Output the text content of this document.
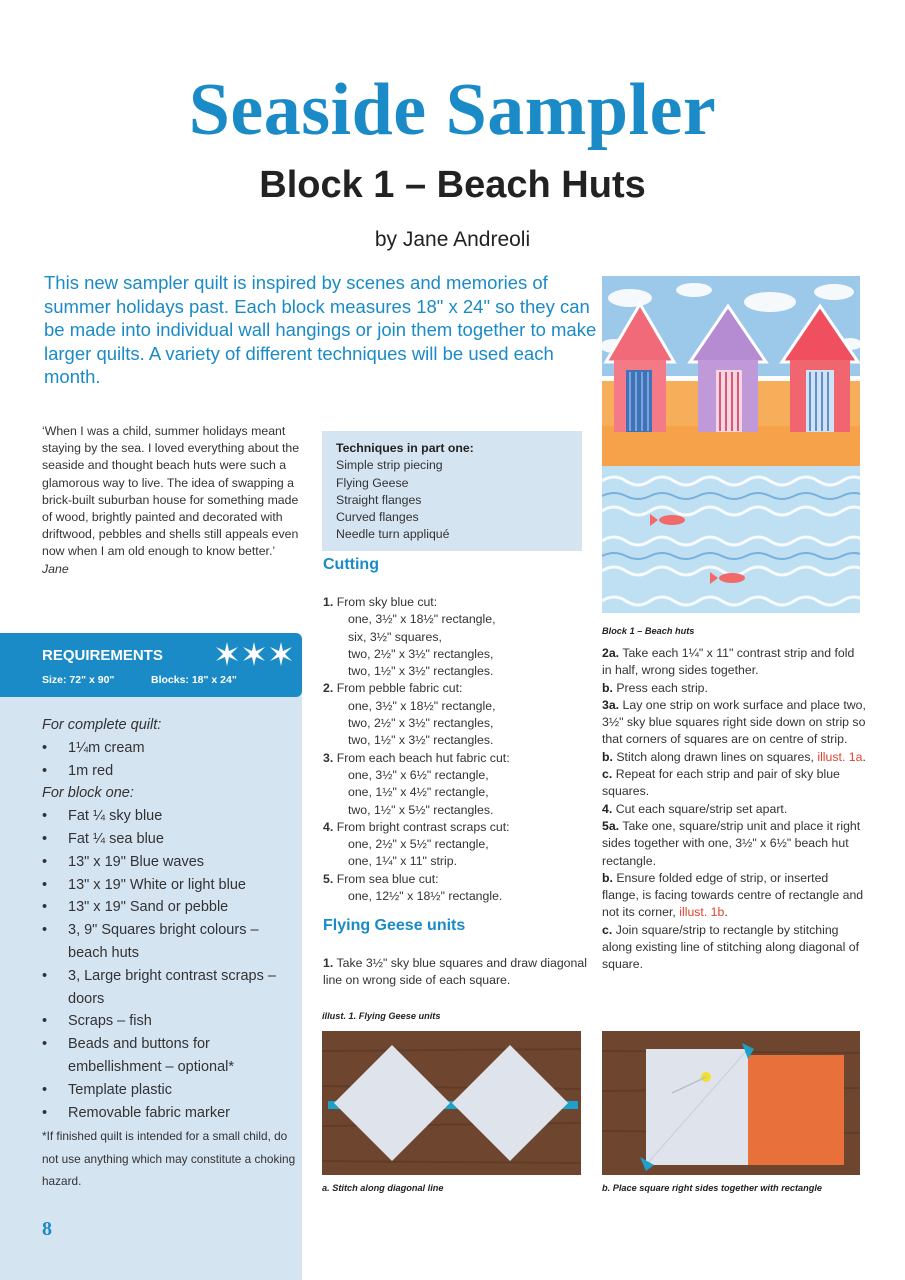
Seaside Sampler
Block 1 – Beach Huts
by Jane Andreoli

This new sampler quilt is inspired by scenes and memories of summer holidays past. Each block measures 18" x 24" so they can be made into individual wall hangings or join them together to make larger quilts. A variety of different techniques will be used each month.

‘When I was a child, summer holidays meant staying by the sea. I loved everything about the seaside and thought beach huts were such a glamorous way to live. The idea of swapping a brick-built suburban house for something made of wood, brightly painted and decorated with driftwood, pebbles and shells still appeals even now when I am old enough to know better.’
Jane
REQUIREMENTS
Size: 72" x 90"	Blocks: 18" x 24"
For complete quilt:
• 1¼m cream
• 1m red
For block one:
• Fat ¼ sky blue
• Fat ¼ sea blue
• 13" x 19" Blue waves
• 13" x 19" White or light blue
• 13" x 19" Sand or pebble
• 3, 9" Squares bright colours – beach huts
• 3, Large bright contrast scraps – doors
• Scraps – fish
• Beads and buttons for embellishment – optional*
• Template plastic
• Removable fabric marker
*If finished quilt is intended for a small child, do not use anything which may constitute a choking hazard.
8
Techniques in part one:
Simple strip piecing
Flying Geese
Straight flanges
Curved flanges
Needle turn appliqué
Cutting
1. From sky blue cut:
one, 3½" x 18½" rectangle,
six, 3½" squares,
two, 2½" x 3½" rectangles,
two, 1½" x 3½" rectangles.
2. From pebble fabric cut:
one, 3½" x 18½" rectangle,
two, 2½" x 3½" rectangles,
two, 1½" x 3½" rectangles.
3. From each beach hut fabric cut:
one, 3½" x 6½" rectangle,
one, 1½" x 4½" rectangle,
two, 1½" x 5½" rectangles.
4. From bright contrast scraps cut:
one, 2½" x 5½" rectangle,
one, 1¼" x 11" strip.
5. From sea blue cut:
one, 12½" x 18½" rectangle.
Flying Geese units
1. Take 3½" sky blue squares and draw diagonal line on wrong side of each square.
illust. 1. Flying Geese units
Block 1 – Beach huts
a. Stitch along diagonal line	b. Place square right sides together with rectangle
2a. Take each 1¼" x 11" contrast strip and fold in half, wrong sides together.
b. Press each strip.
3a. Lay one strip on work surface and place two, 3½" sky blue squares right side down on strip so that corners of squares are on centre of strip.
b. Stitch along drawn lines on squares, illust. 1a.
c. Repeat for each strip and pair of sky blue squares.
4. Cut each square/strip set apart.
5a. Take one, square/strip unit and place it right sides together with one, 3½" x 6½" beach hut rectangle.
b. Ensure folded edge of strip, or inserted flange, is facing towards centre of rectangle and not its corner, illust. 1b.
c. Join square/strip to rectangle by stitching along existing line of stitching along diagonal of square.
